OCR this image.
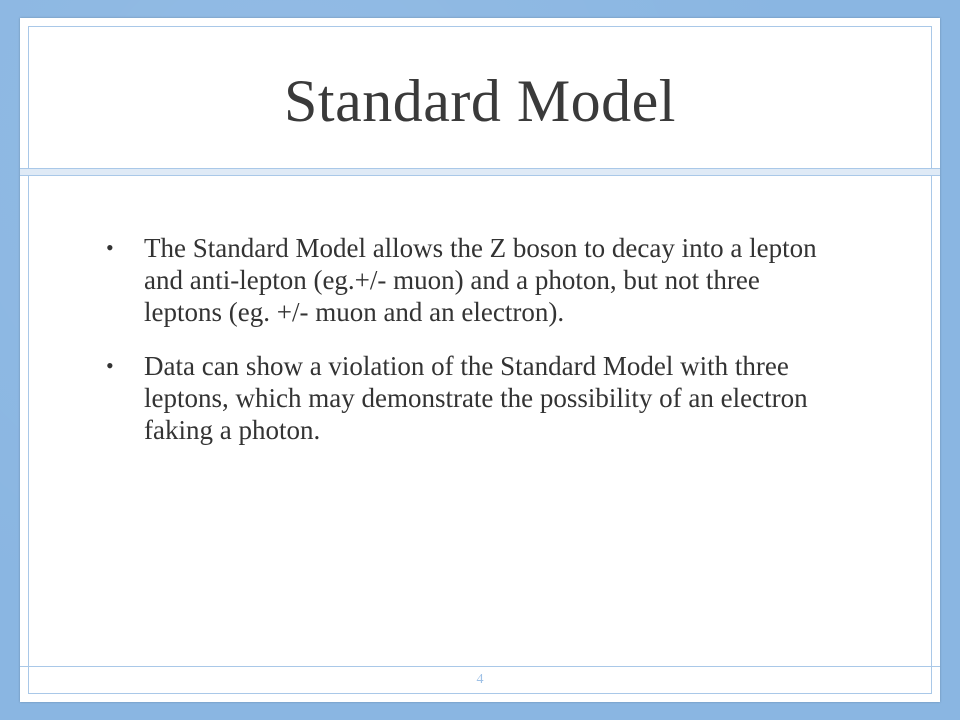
Standard Model
• The Standard Model allows the Z boson to decay into a lepton and anti-lepton (eg.+/- muon) and a photon, but not three leptons (eg. +/- muon and an electron).
• Data can show a violation of the Standard Model with three leptons, which may demonstrate the possibility of an electron faking a photon.
4
